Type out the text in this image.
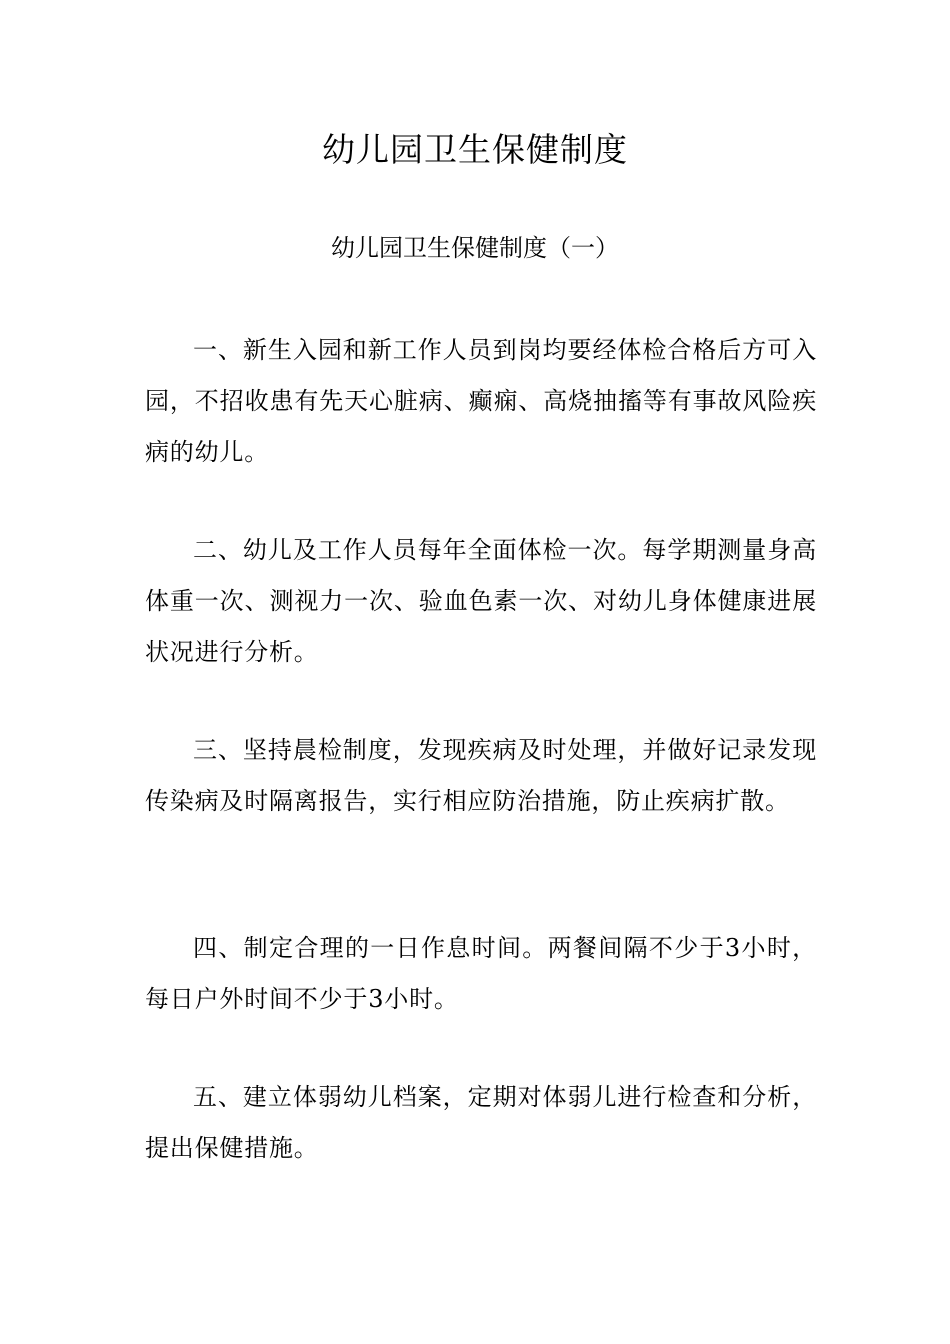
幼儿园卫生保健制度

幼儿园卫生保健制度（一）

一、新生入园和新工作人员到岗均要经体检合格后方可入园，不招收患有先天心脏病、癫痫、高烧抽搐等有事故风险疾病的幼儿。

二、幼儿及工作人员每年全面体检一次。每学期测量身高体重一次、测视力一次、验血色素一次、对幼儿身体健康进展状况进行分析。

三、坚持晨检制度，发现疾病及时处理，并做好记录发现传染病及时隔离报告，实行相应防治措施，防止疾病扩散。

四、制定合理的一日作息时间。两餐间隔不少于3小时，每日户外时间不少于3小时。

五、建立体弱幼儿档案，定期对体弱儿进行检查和分析，提出保健措施。
